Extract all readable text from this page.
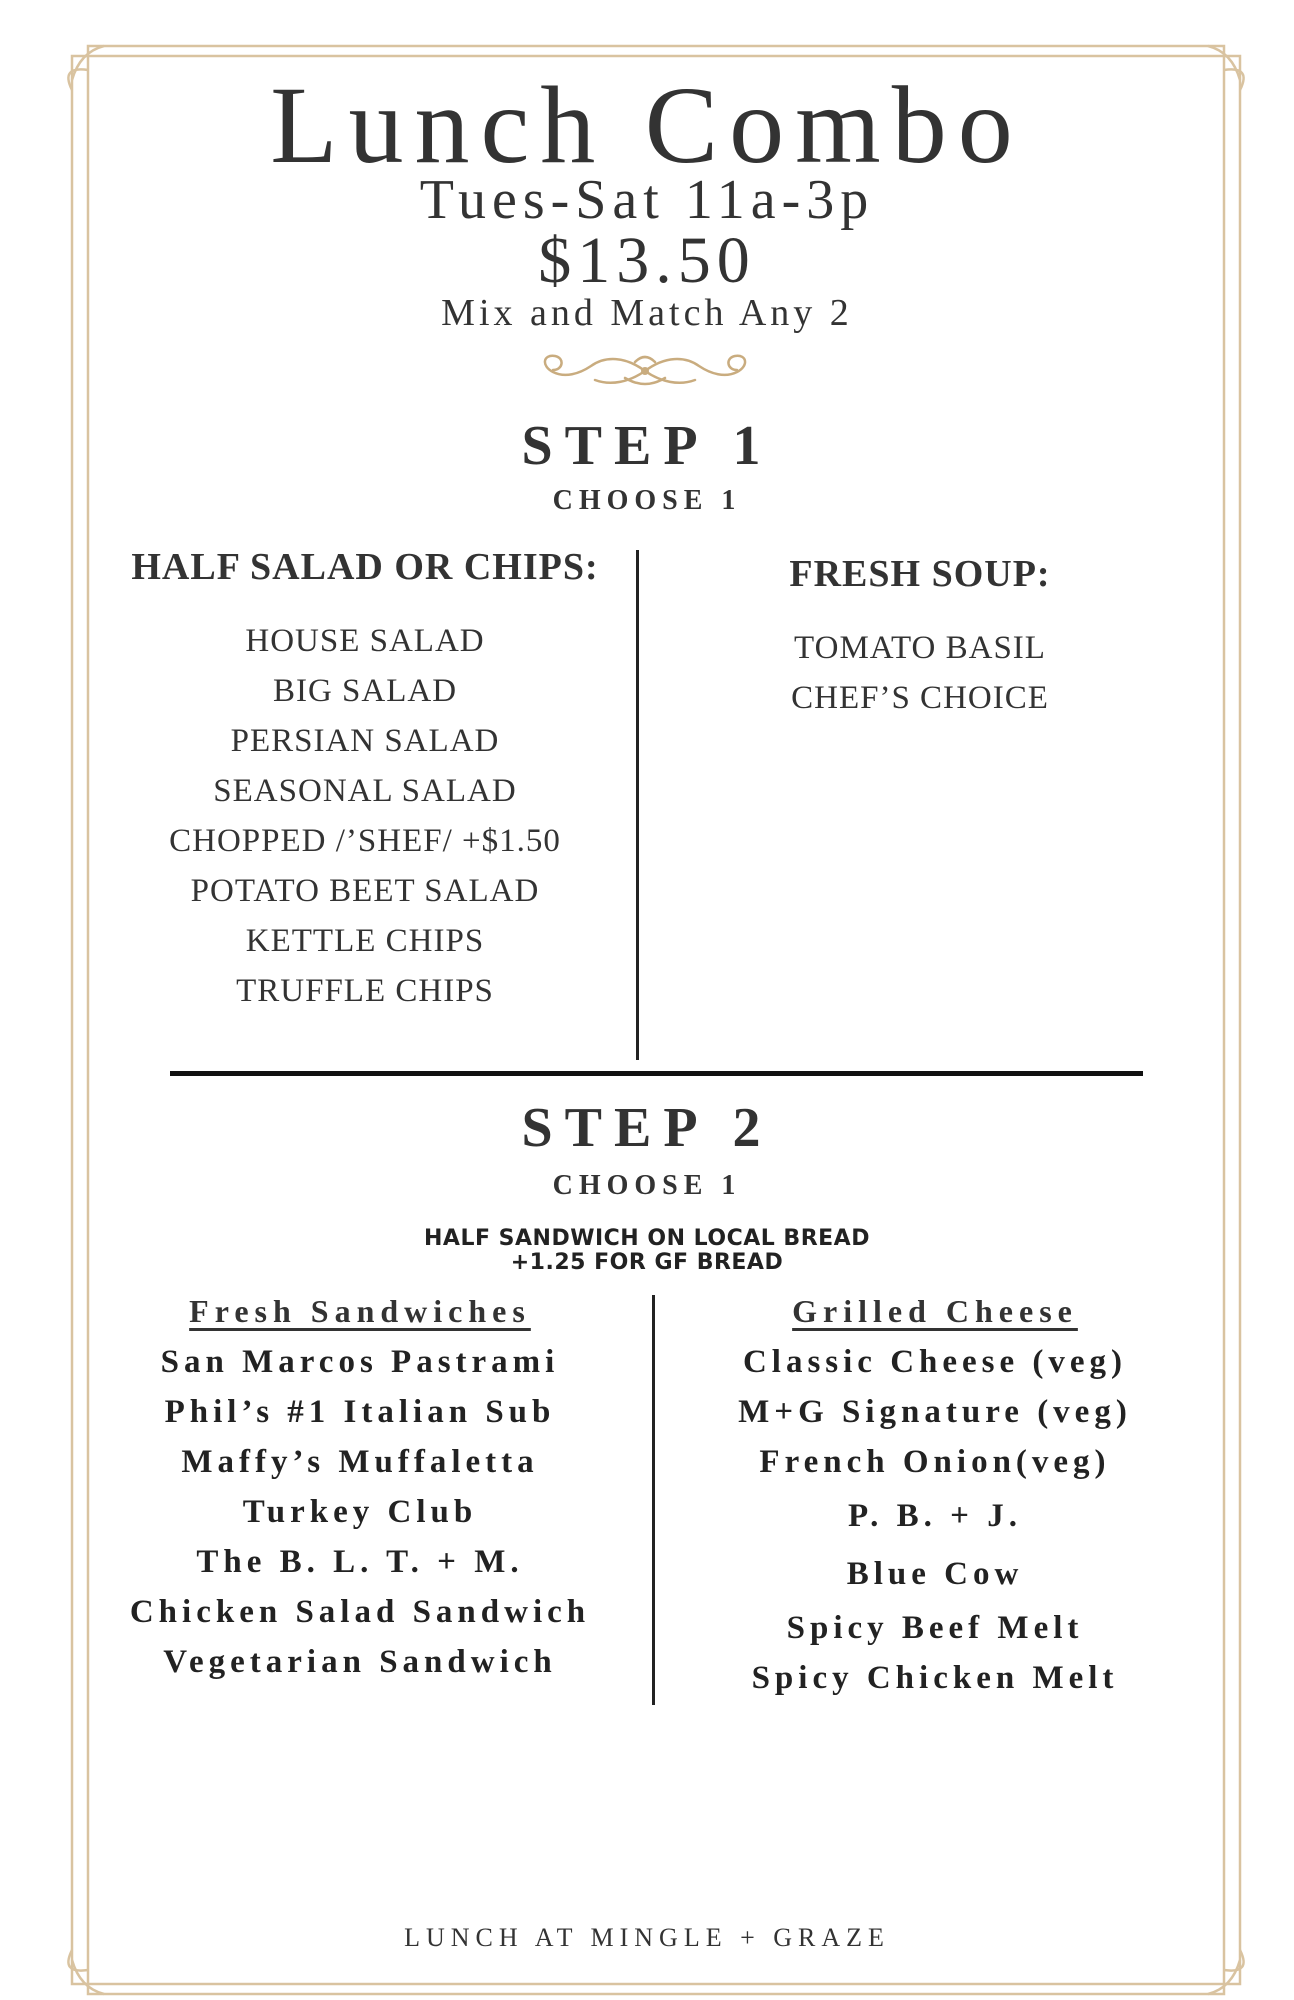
Lunch Combo
Tues-Sat 11a-3p
$13.50
Mix and Match Any 2
STEP 1
CHOOSE 1
HALF SALAD OR CHIPS:
HOUSE SALAD
BIG SALAD
PERSIAN SALAD
SEASONAL SALAD
CHOPPED /’SHEF/ +$1.50
POTATO BEET SALAD
KETTLE CHIPS
TRUFFLE CHIPS
FRESH SOUP:
TOMATO BASIL
CHEF’S CHOICE
STEP 2
CHOOSE 1
HALF SANDWICH ON LOCAL BREAD
+1.25 FOR GF BREAD
Fresh Sandwiches
San Marcos Pastrami
Phil’s #1 Italian Sub
Maffy’s Muffaletta
Turkey Club
The B. L. T. + M.
Chicken Salad Sandwich
Vegetarian Sandwich
Grilled Cheese
Classic Cheese (veg)
M+G Signature (veg)
French Onion(veg)
P. B. + J.
Blue Cow
Spicy Beef Melt
Spicy Chicken Melt
LUNCH AT MINGLE + GRAZE
